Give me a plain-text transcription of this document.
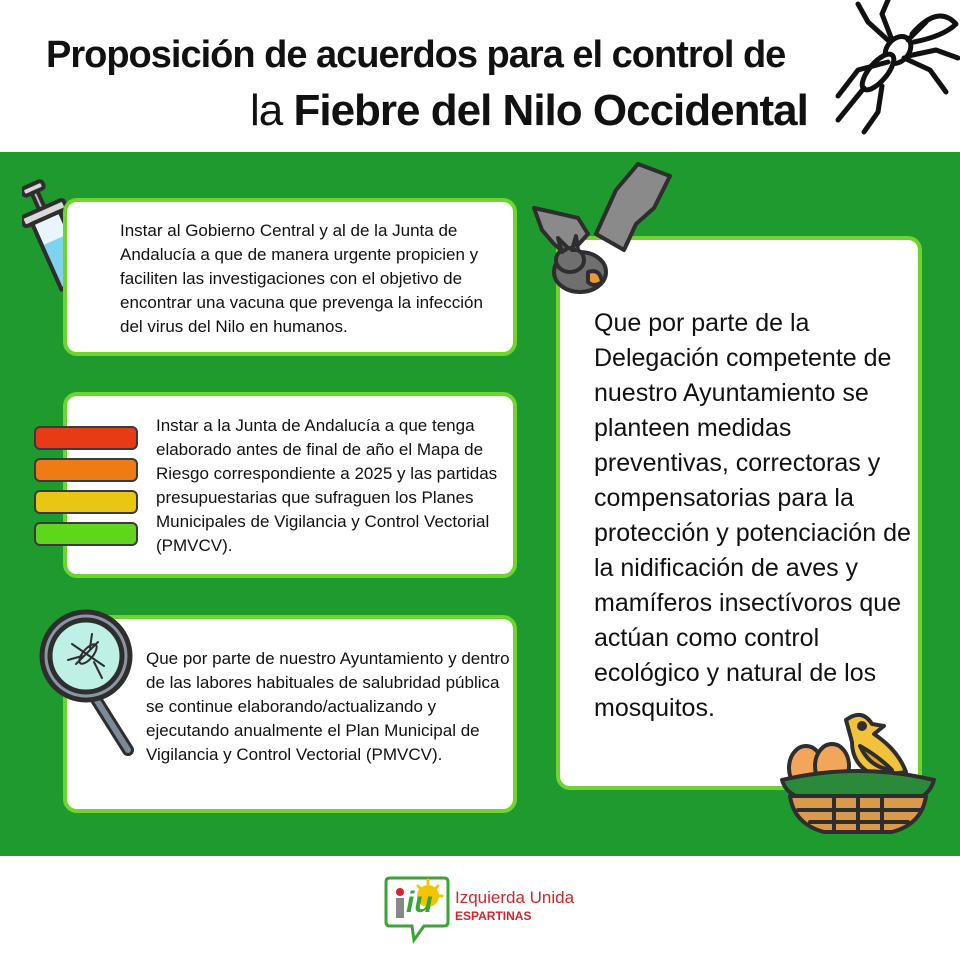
Proposición de acuerdos para el control de
la Fiebre del Nilo Occidental

Instar al Gobierno Central y al de la Junta de Andalucía a que de manera urgente propicien y faciliten las investigaciones con el objetivo de encontrar una vacuna que prevenga la infección del virus del Nilo en humanos.

Instar a la Junta de Andalucía a que tenga elaborado antes de final de año el Mapa de Riesgo correspondiente a 2025 y las partidas presupuestarias que sufraguen los Planes Municipales de Vigilancia y Control Vectorial (PMVCV).

Que por parte de nuestro Ayuntamiento y dentro de las labores habituales de salubridad pública se continue elaborando/actualizando y ejecutando anualmente el Plan Municipal de Vigilancia y Control Vectorial (PMVCV).

Que por parte de la Delegación competente de nuestro Ayuntamiento se planteen medidas preventivas, correctoras y compensatorias para la protección y potenciación de la nidificación de aves y mamíferos insectívoros que actúan como control ecológico y natural de los mosquitos.

iu Izquierda Unida
ESPARTINAS
